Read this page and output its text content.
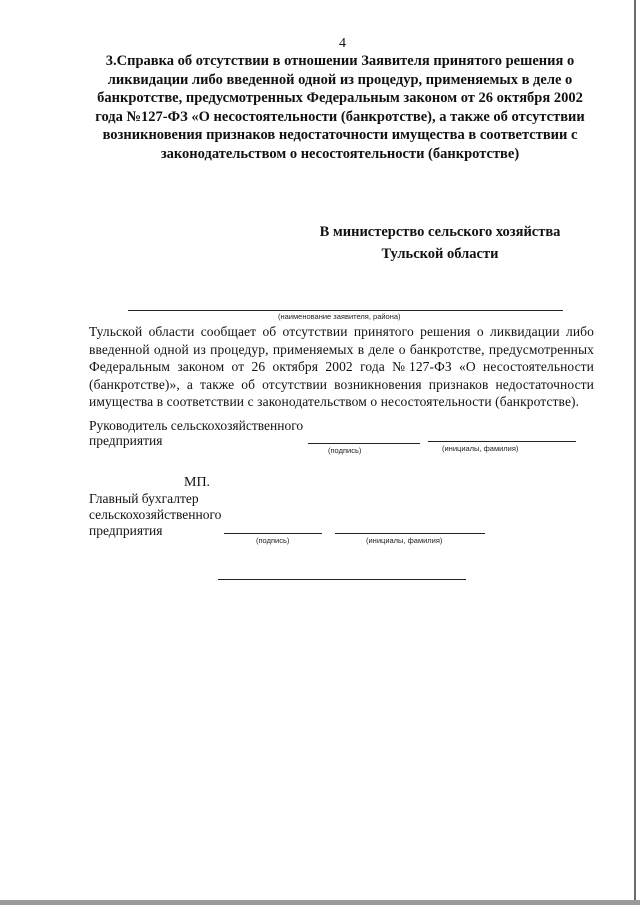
4

3.Справка об отсутствии в отношении Заявителя принятого решения о ликвидации либо введенной одной из процедур, применяемых в деле о банкротстве, предусмотренных Федеральным законом от 26 октября 2002 года №127-ФЗ «О несостоятельности (банкротстве), а также об отсутствии возникновения признаков недостаточности имущества в соответствии с законодательством о несостоятельности (банкротстве)

В министерство сельского хозяйства
Тульской области
(наименование заявителя, района)

Тульской области сообщает об отсутствии принятого решения о ликвидации либо введенной одной из процедур, применяемых в деле о банкротстве, предусмотренных Федеральным законом от 26 октября 2002 года №127-ФЗ «О несостоятельности (банкротстве)», а также об отсутствии возникновения признаков недостаточности имущества в соответствии с законодательством о несостоятельности (банкротстве).

Руководитель сельскохозяйственного
предприятия
(подпись)	(инициалы, фамилия)
МП.
Главный бухгалтер
сельскохозяйственного
предприятия
(подпись)	(инициалы, фамилия)
